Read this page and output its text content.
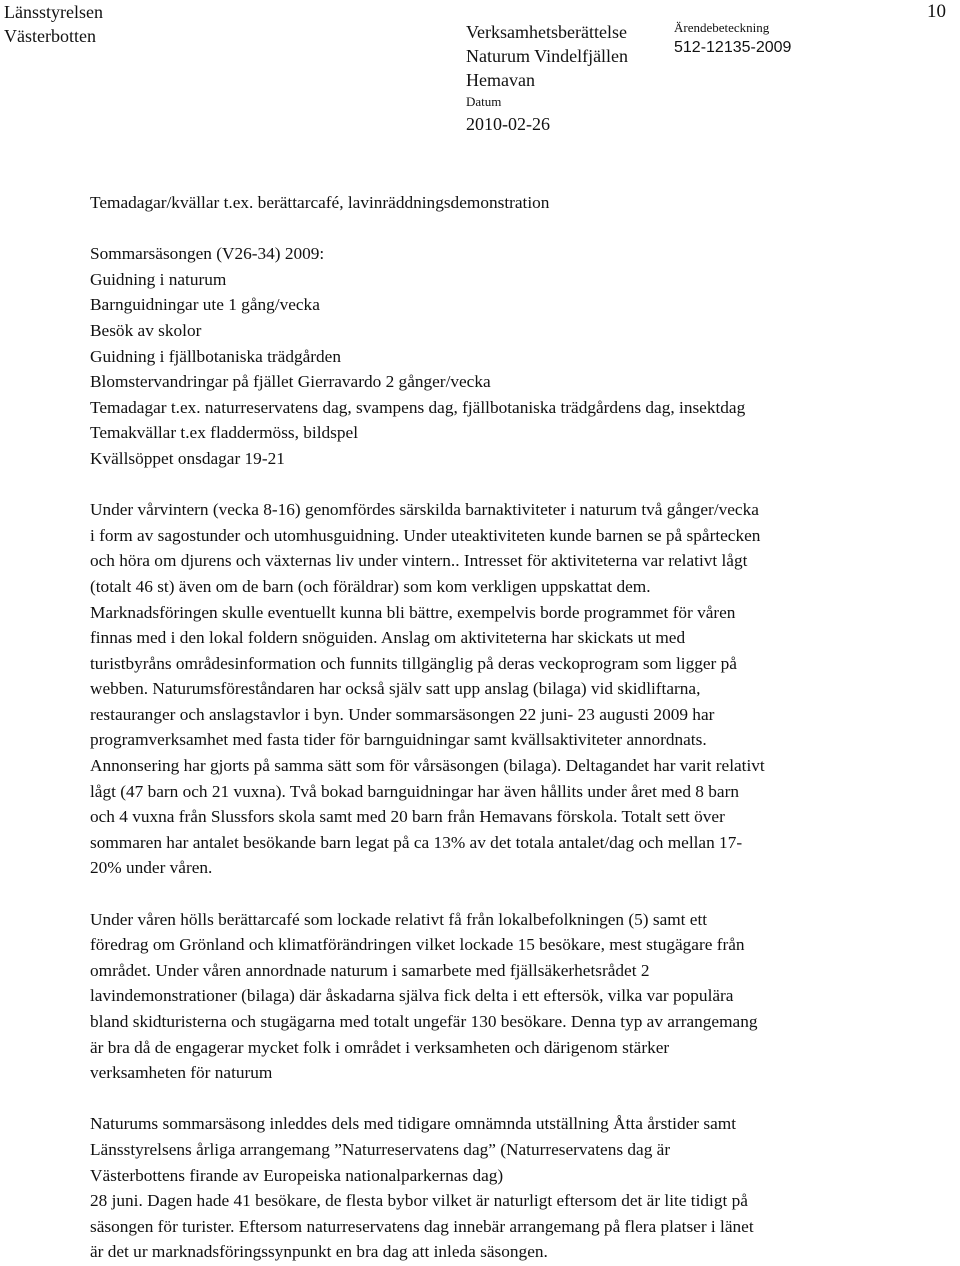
Länsstyrelsen
Västerbotten	Verksamhetsberättelse
Naturum Vindelfjällen
Hemavan
Datum
2010-02-26
Ärendebeteckning
512-12135-2009
10
Temadagar/kvällar t.ex. berättarcafé, lavinräddningsdemonstration
Sommarsäsongen (V26-34) 2009:
Guidning i naturum
Barnguidningar ute 1 gång/vecka
Besök av skolor
Guidning i fjällbotaniska trädgården
Blomstervandringar på fjället Gierravardo 2 gånger/vecka
Temadagar t.ex. naturreservatens dag, svampens dag, fjällbotaniska trädgårdens dag, insektdag
Temakvällar t.ex fladdermöss, bildspel
Kvällsöppet onsdagar 19-21
Under vårvintern (vecka 8-16) genomfördes särskilda barnaktiviteter i naturum två gånger/vecka
i form av sagostunder och utomhusguidning. Under uteaktiviteten kunde barnen se på spårtecken
och höra om djurens och växternas liv under vintern.. Intresset för aktiviteterna var relativt lågt
(totalt 46 st) även om de barn (och föräldrar) som kom verkligen uppskattat dem.
Marknadsföringen skulle eventuellt kunna bli bättre, exempelvis borde programmet för våren
finnas med i den lokal foldern snöguiden. Anslag om aktiviteterna har skickats ut med
turistbyråns områdesinformation och funnits tillgänglig på deras veckoprogram som ligger på
webben. Naturumsföreståndaren har också själv satt upp anslag (bilaga) vid skidliftarna,
restauranger och anslagstavlor i byn. Under sommarsäsongen 22 juni- 23 augusti 2009 har
programverksamhet med fasta tider för barnguidningar samt kvällsaktiviteter annordnats.
Annonsering har gjorts på samma sätt som för vårsäsongen (bilaga). Deltagandet har varit relativt
lågt (47 barn och 21 vuxna). Två bokad barnguidningar har även hållits under året med 8 barn
och 4 vuxna från Slussfors skola samt med 20 barn från Hemavans förskola. Totalt sett över
sommaren har antalet besökande barn legat på ca 13% av det totala antalet/dag och mellan 17-
20% under våren.
Under våren hölls berättarcafé som lockade relativt få från lokalbefolkningen (5) samt ett
föredrag om Grönland och klimatförändringen vilket lockade 15 besökare, mest stugägare från
området. Under våren annordnade naturum i samarbete med fjällsäkerhetsrådet 2
lavindemonstrationer (bilaga) där åskadarna själva fick delta i ett eftersök, vilka var populära
bland skidturisterna och stugägarna med totalt ungefär 130 besökare. Denna typ av arrangemang
är bra då de engagerar mycket folk i området i verksamheten och därigenom stärker
verksamheten för naturum
Naturums sommarsäsong inleddes dels med tidigare omnämnda utställning Åtta årstider samt
Länsstyrelsens årliga arrangemang ”Naturreservatens dag” (Naturreservatens dag är
Västerbottens firande av Europeiska nationalparkernas dag)
28 juni. Dagen hade 41 besökare, de flesta bybor vilket är naturligt eftersom det är lite tidigt på
säsongen för turister. Eftersom naturreservatens dag innebär arrangemang på flera platser i länet
är det ur marknadsföringssynpunkt en bra dag att inleda säsongen.
